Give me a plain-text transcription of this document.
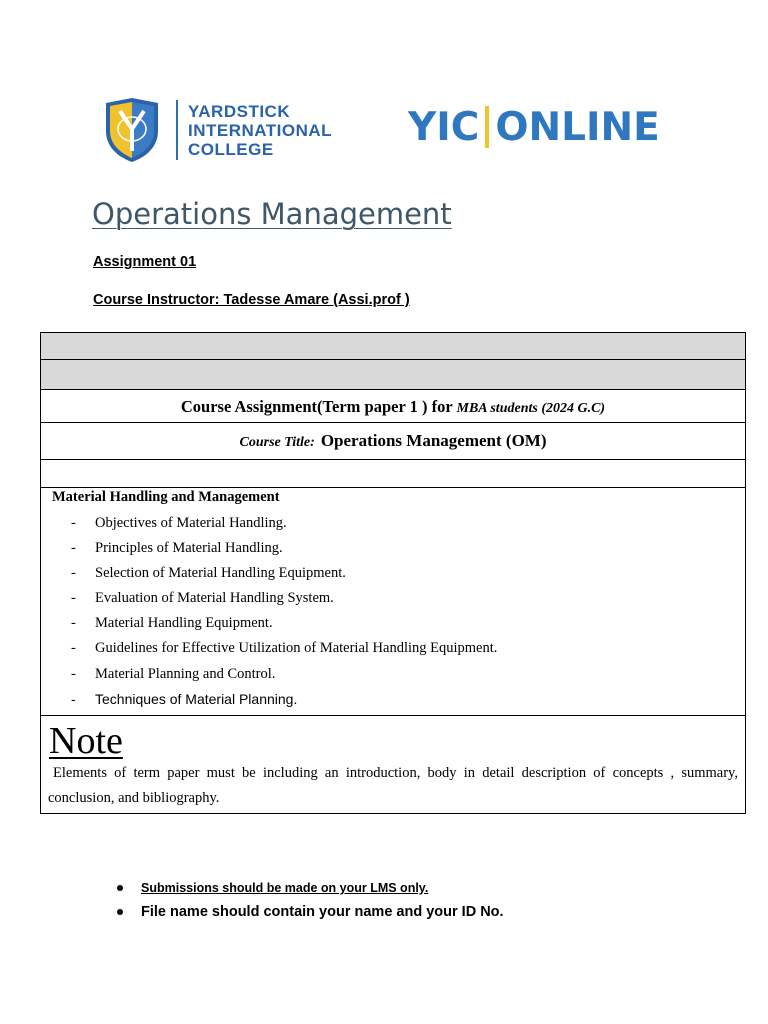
YARDSTICK
INTERNATIONAL
COLLEGE	YIC ONLINE
Operations Management
Assignment 01
Course Instructor: Tadesse Amare (Assi.prof )
Course Assignment(Term paper 1 ) for MBA students (2024 G.C)
Course Title: Operations Management (OM)
Material Handling and Management
- Objectives of Material Handling.
- Principles of Material Handling.
- Selection of Material Handling Equipment.
- Evaluation of Material Handling System.
- Material Handling Equipment.
- Guidelines for Effective Utilization of Material Handling Equipment.
- Material Planning and Control.
- Techniques of Material Planning.
Note
Elements of term paper must be including an introduction, body in detail description of concepts , summary, conclusion, and bibliography.
Submissions should be made on your LMS only.
File name should contain your name and your ID No.
